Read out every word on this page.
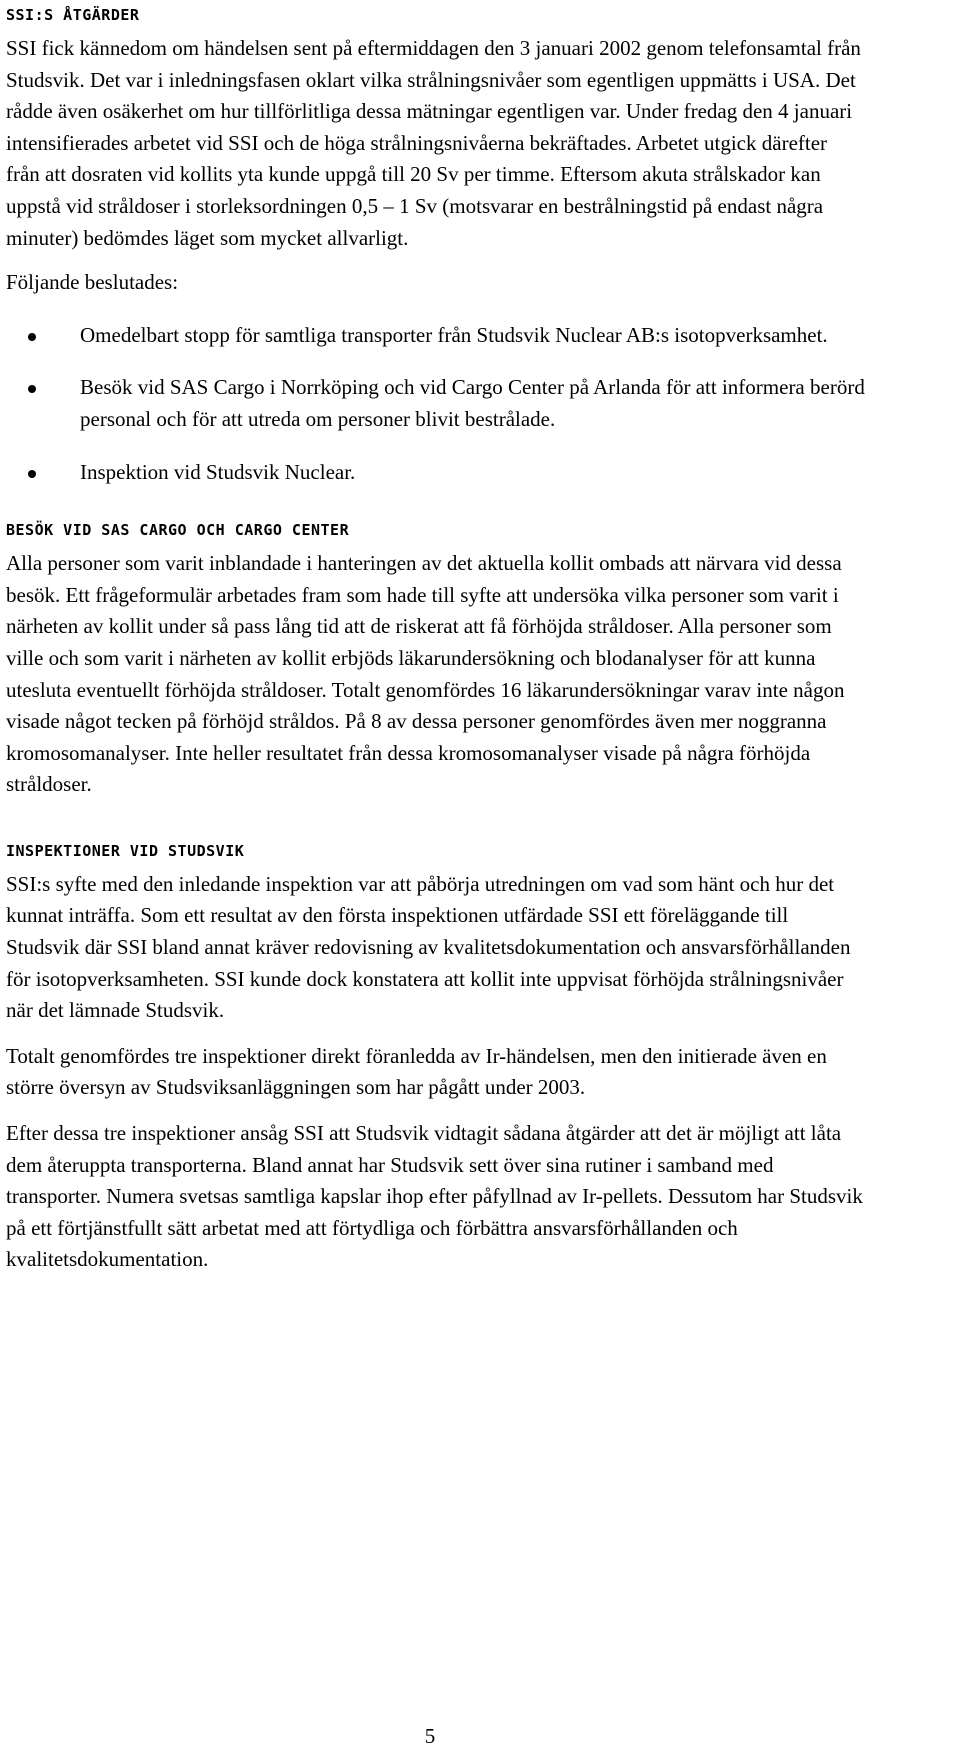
SSI:S ÅTGÄRDER

SSI fick kännedom om händelsen sent på eftermiddagen den 3 januari 2002 genom telefonsamtal från Studsvik. Det var i inledningsfasen oklart vilka strålningsnivåer som egentligen uppmätts i USA. Det rådde även osäkerhet om hur tillförlitliga dessa mätningar egentligen var. Under fredag den 4 januari intensifierades arbetet vid SSI och de höga strålningsnivåerna bekräftades. Arbetet utgick därefter från att dosraten vid kollits yta kunde uppgå till 20 Sv per timme. Eftersom akuta strålskador kan uppstå vid stråldoser i storleksordningen 0,5 – 1 Sv (motsvarar en bestrålningstid på endast några minuter) bedömdes läget som mycket allvarligt.

Följande beslutades:

Omedelbart stopp för samtliga transporter från Studsvik Nuclear AB:s isotopverksamhet.
Besök vid SAS Cargo i Norrköping och vid Cargo Center på Arlanda för att informera berörd personal och för att utreda om personer blivit bestrålade.
Inspektion vid Studsvik Nuclear.
BESÖK VID SAS CARGO OCH CARGO CENTER

Alla personer som varit inblandade i hanteringen av det aktuella kollit ombads att närvara vid dessa besök. Ett frågeformulär arbetades fram som hade till syfte att undersöka vilka personer som varit i närheten av kollit under så pass lång tid att de riskerat att få förhöjda stråldoser. Alla personer som ville och som varit i närheten av kollit erbjöds läkarundersökning och blodanalyser för att kunna utesluta eventuellt förhöjda stråldoser. Totalt genomfördes 16 läkarundersökningar varav inte någon visade något tecken på förhöjd stråldos. På 8 av dessa personer genomfördes även mer noggranna kromosomanalyser. Inte heller resultatet från dessa kromosomanalyser visade på några förhöjda stråldoser.

INSPEKTIONER VID STUDSVIK

SSI:s syfte med den inledande inspektion var att påbörja utredningen om vad som hänt och hur det kunnat inträffa. Som ett resultat av den första inspektionen utfärdade SSI ett föreläggande till Studsvik där SSI bland annat kräver redovisning av kvalitetsdokumentation och ansvarsförhållanden för isotopverksamheten. SSI kunde dock konstatera att kollit inte uppvisat förhöjda strålningsnivåer när det lämnade Studsvik.

Totalt genomfördes tre inspektioner direkt föranledda av Ir-händelsen, men den initierade även en större översyn av Studsviksanläggningen som har pågått under 2003.

Efter dessa tre inspektioner ansåg SSI att Studsvik vidtagit sådana åtgärder att det är möjligt att låta dem återuppta transporterna. Bland annat har Studsvik sett över sina rutiner i samband med transporter. Numera svetsas samtliga kapslar ihop efter påfyllnad av Ir-pellets. Dessutom har Studsvik på ett förtjänstfullt sätt arbetat med att förtydliga och förbättra ansvarsförhållanden och kvalitetsdokumentation.

5
